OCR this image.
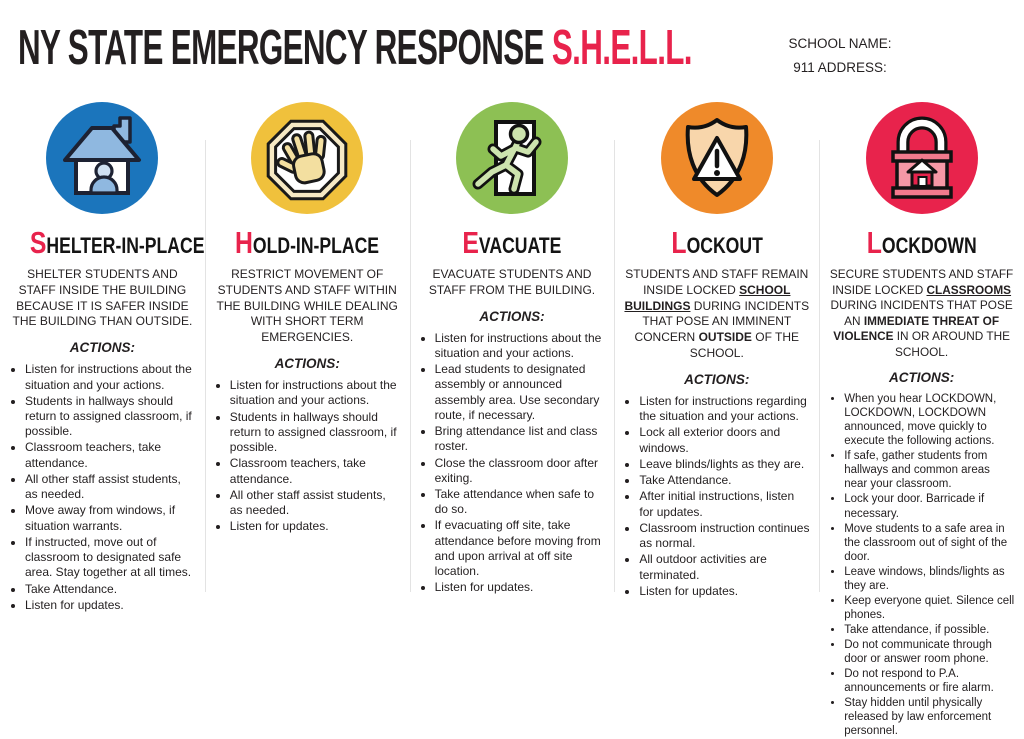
NY STATE EMERGENCY RESPONSE S.H.E.L.L.	SCHOOL NAME:
911 ADDRESS:
SHELTER-IN-PLACE

SHELTER STUDENTS AND STAFF INSIDE THE BUILDING BECAUSE IT IS SAFER INSIDE THE BUILDING THAN OUTSIDE.

ACTIONS:
• Listen for instructions about the situation and your actions.
• Students in hallways should return to assigned classroom, if possible.
• Classroom teachers, take attendance.
• All other staff assist students, as needed.
• Move away from windows, if situation warrants.
• If instructed, move out of classroom to designated safe area. Stay together at all times.
• Take Attendance.
• Listen for updates.
HOLD-IN-PLACE

RESTRICT MOVEMENT OF STUDENTS AND STAFF WITHIN THE BUILDING WHILE DEALING WITH SHORT TERM EMERGENCIES.

ACTIONS:
• Listen for instructions about the situation and your actions.
• Students in hallways should return to assigned classroom, if possible.
• Classroom teachers, take attendance.
• All other staff assist students, as needed.
• Listen for updates.
EVACUATE

EVACUATE STUDENTS AND STAFF FROM THE BUILDING.

ACTIONS:
• Listen for instructions about the situation and your actions.
• Lead students to designated assembly or announced assembly area. Use secondary route, if necessary.
• Bring attendance list and class roster.
• Close the classroom door after exiting.
• Take attendance when safe to do so.
• If evacuating off site, take attendance before moving from and upon arrival at off site location.
• Listen for updates.
LOCKOUT

STUDENTS AND STAFF REMAIN INSIDE LOCKED SCHOOL BUILDINGS DURING INCIDENTS THAT POSE AN IMMINENT CONCERN OUTSIDE OF THE SCHOOL.

ACTIONS:
• Listen for instructions regarding the situation and your actions.
• Lock all exterior doors and windows.
• Leave blinds/lights as they are.
• Take Attendance.
• After initial instructions, listen for updates.
• Classroom instruction continues as normal.
• All outdoor activities are terminated.
• Listen for updates.
LOCKDOWN

SECURE STUDENTS AND STAFF INSIDE LOCKED CLASSROOMS DURING INCIDENTS THAT POSE AN IMMEDIATE THREAT OF VIOLENCE IN OR AROUND THE SCHOOL.

ACTIONS:
• When you hear LOCKDOWN, LOCKDOWN, LOCKDOWN announced, move quickly to execute the following actions.
• If safe, gather students from hallways and common areas near your classroom.
• Lock your door. Barricade if necessary.
• Move students to a safe area in the classroom out of sight of the door.
• Leave windows, blinds/lights as they are.
• Keep everyone quiet. Silence cell phones.
• Take attendance, if possible.
• Do not communicate through door or answer room phone.
• Do not respond to P.A. announcements or fire alarm.
• Stay hidden until physically released by law enforcement personnel.
